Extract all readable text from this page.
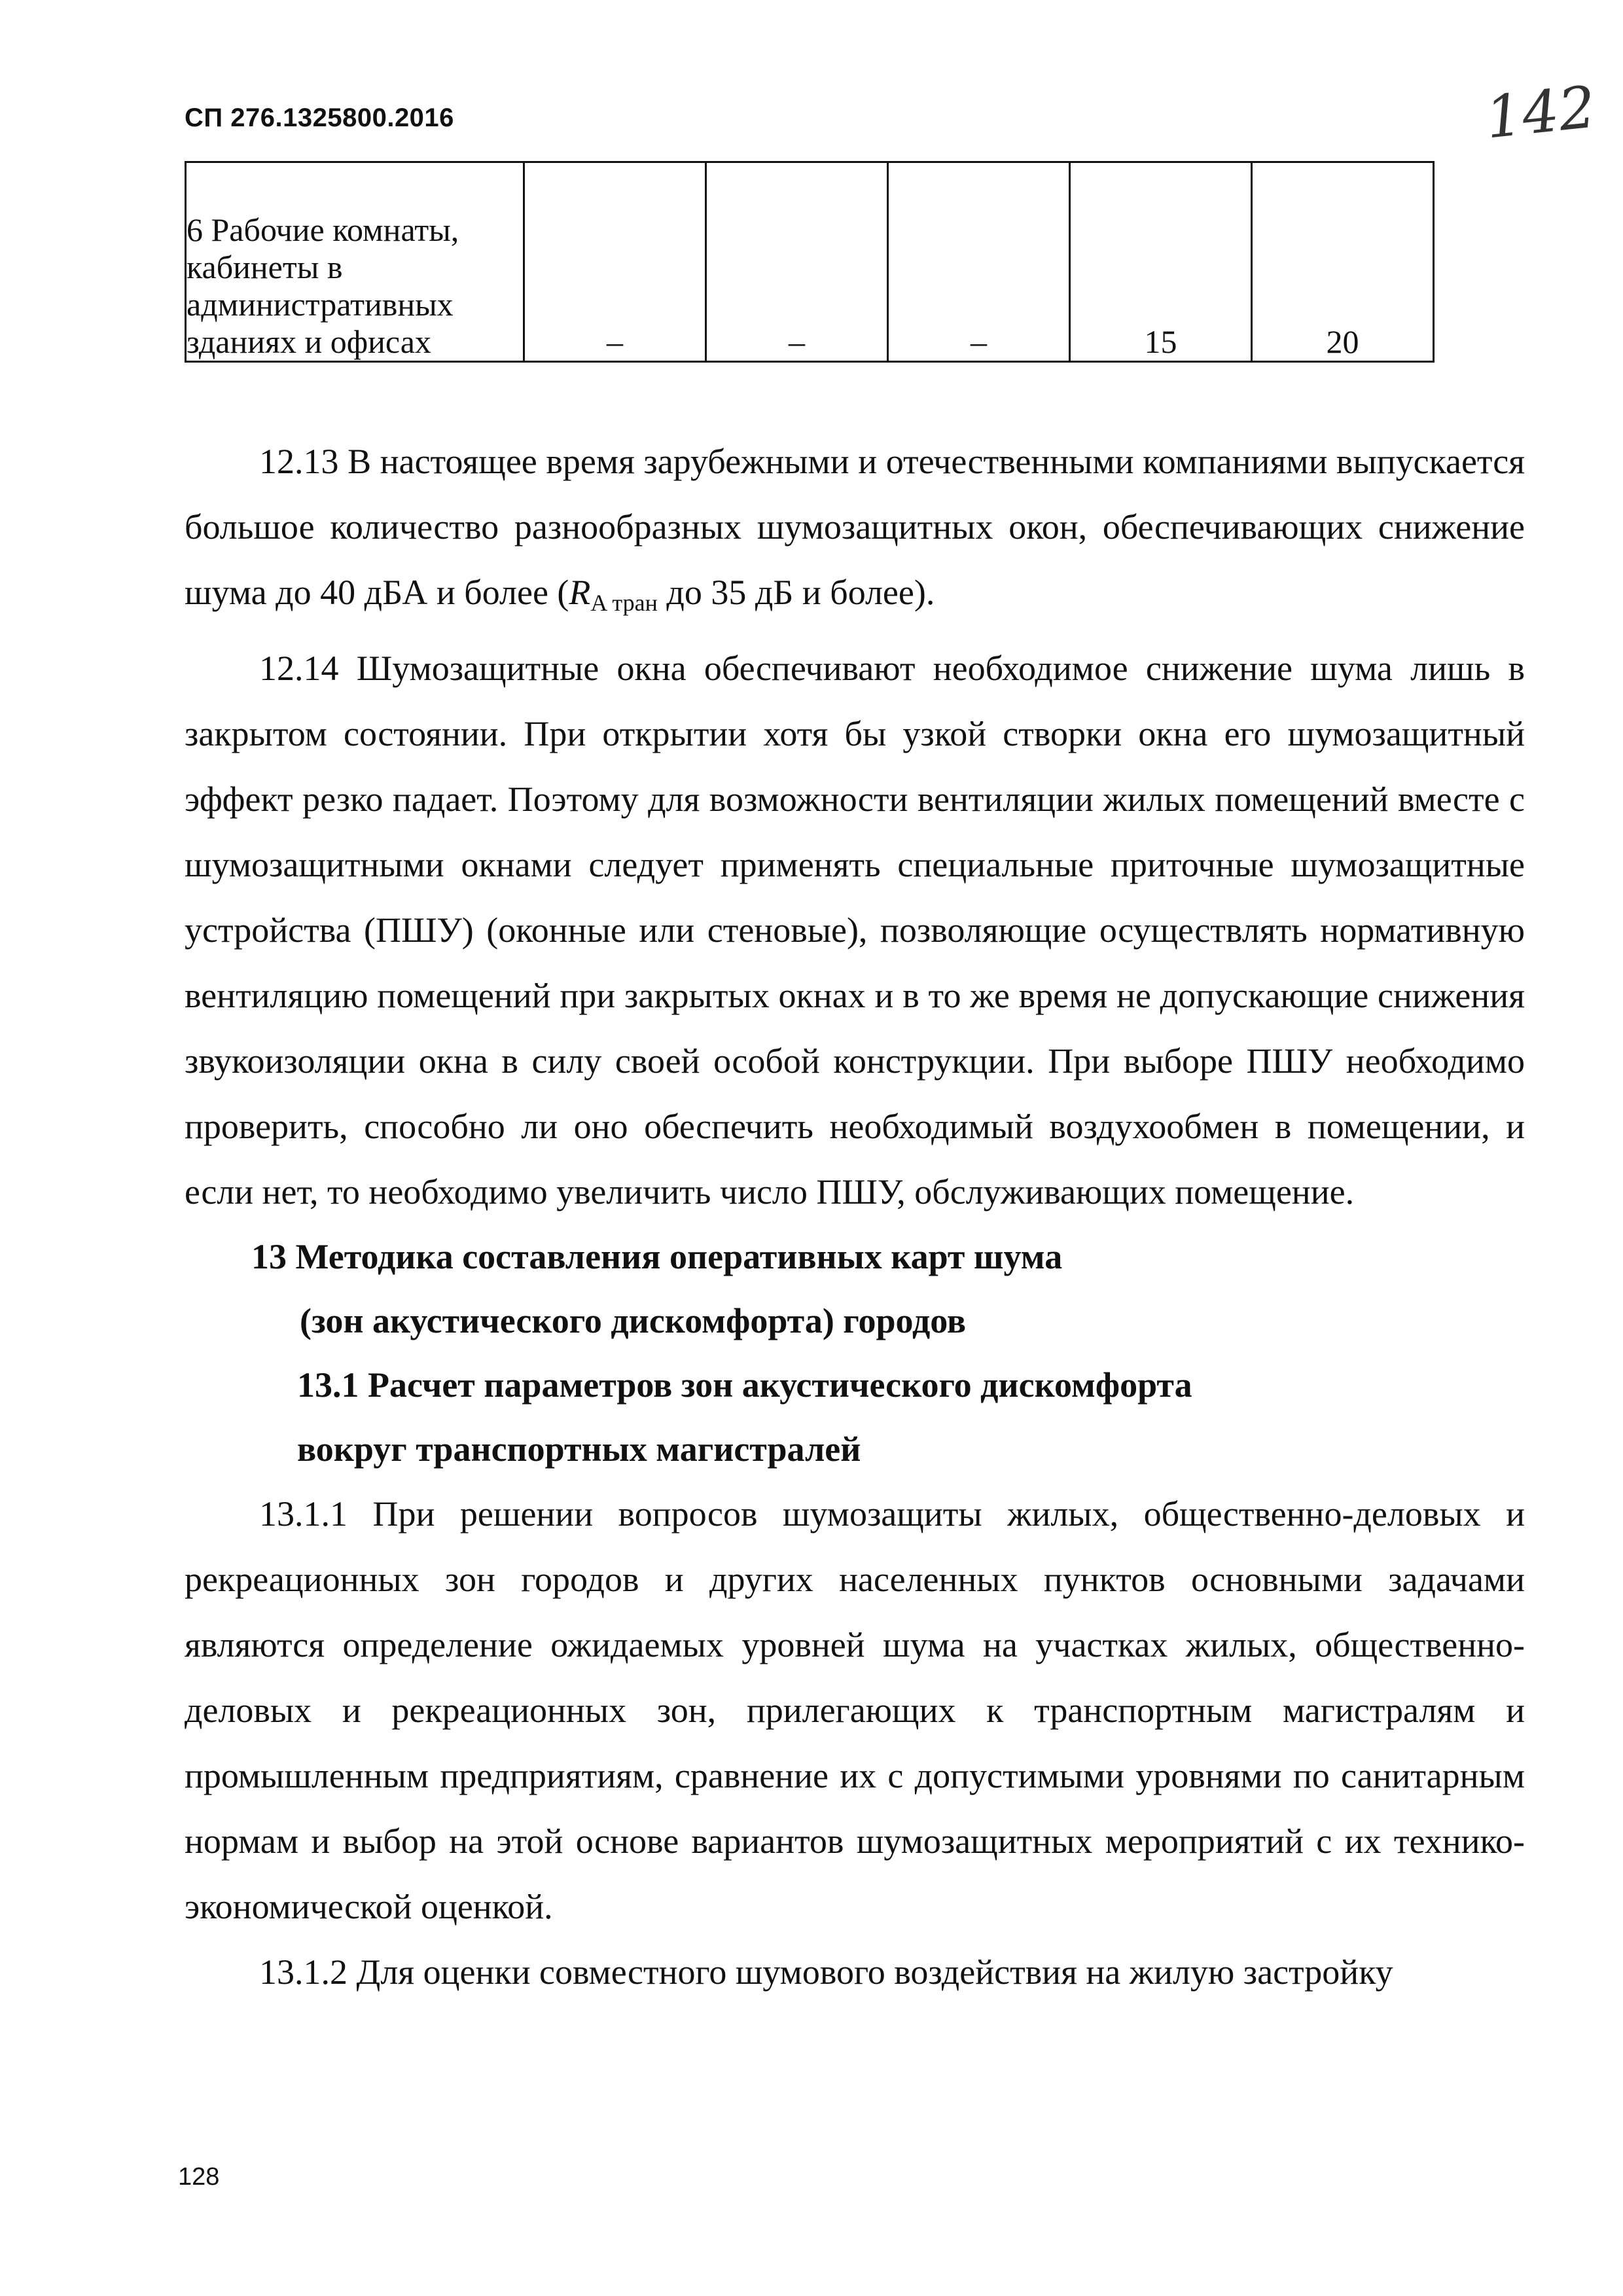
СП 276.1325800.2016	142
6 Рабочие комнаты, кабинеты в административных зданиях и офисах	–	–	–	15	20

12.13 В настоящее время зарубежными и отечественными компаниями выпускается большое количество разнообразных шумозащитных окон, обеспечивающих снижение шума до 40 дБА и более ($R_{A тран}$ до 35 дБ и более).

12.14 Шумозащитные окна обеспечивают необходимое снижение шума лишь в закрытом состоянии. При открытии хотя бы узкой створки окна его шумозащитный эффект резко падает. Поэтому для возможности вентиляции жилых помещений вместе с шумозащитными окнами следует применять специальные приточные шумозащитные устройства (ПШУ) (оконные или стеновые), позволяющие осуществлять нормативную вентиляцию помещений при закрытых окнах и в то же время не допускающие снижения звукоизоляции окна в силу своей особой конструкции. При выборе ПШУ необходимо проверить, способно ли оно обеспечить необходимый воздухообмен в помещении, и если нет, то необходимо увеличить число ПШУ, обслуживающих помещение.

13 Методика составления оперативных карт шума
(зон акустического дискомфорта) городов
13.1 Расчет параметров зон акустического дискомфорта
вокруг транспортных магистралей

13.1.1 При решении вопросов шумозащиты жилых, общественно-деловых и рекреационных зон городов и других населенных пунктов основными задачами являются определение ожидаемых уровней шума на участках жилых, общественно-деловых и рекреационных зон, прилегающих к транспортным магистралям и промышленным предприятиям, сравнение их с допустимыми уровнями по санитарным нормам и выбор на этой основе вариантов шумозащитных мероприятий с их технико-экономической оценкой.

13.1.2 Для оценки совместного шумового воздействия на жилую застройку

128
